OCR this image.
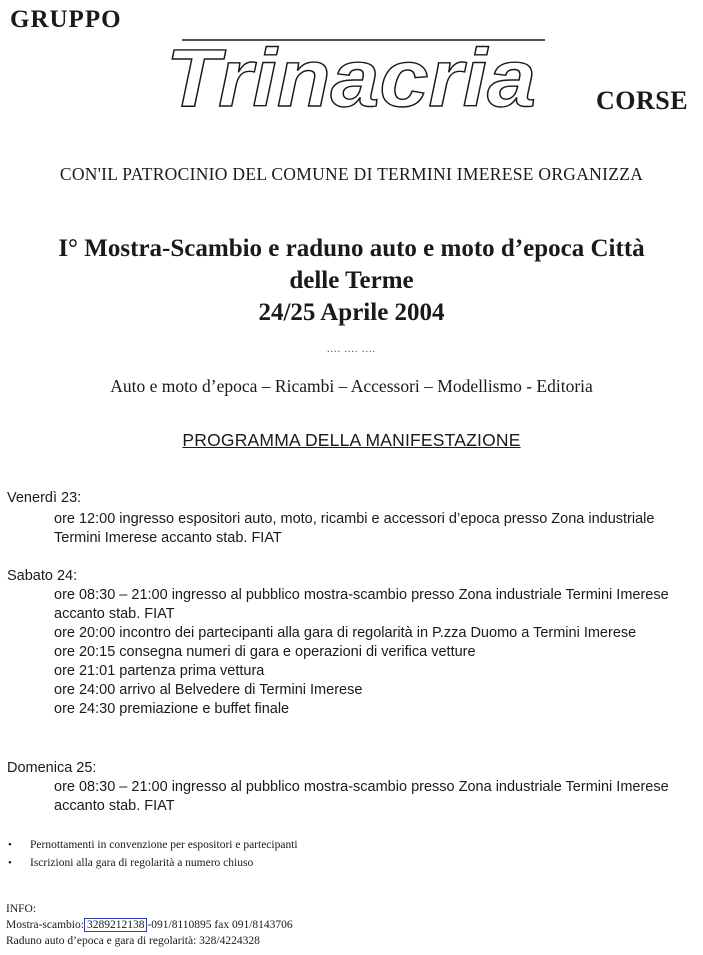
GRUPPO
Trinacria CORSE
CON'IL PATROCINIO DEL COMUNE DI TERMINI IMERESE ORGANIZZA
I° Mostra-Scambio e raduno auto e moto d’epoca Città
delle Terme
24/25 Aprile 2004
.... .... ....
Auto e moto d’epoca – Ricambi – Accessori – Modellismo - Editoria
PROGRAMMA DELLA MANIFESTAZIONE
Venerdì 23:
ore 12:00 ingresso espositori auto, moto, ricambi e accessori d’epoca presso Zona industriale Termini Imerese accanto stab. FIAT
Sabato 24:
ore 08:30 – 21:00 ingresso al pubblico mostra-scambio presso Zona industriale Termini Imerese accanto stab. FIAT
ore 20:00 incontro dei partecipanti alla gara di regolarità in P.zza Duomo a Termini Imerese
ore 20:15 consegna numeri di gara e operazioni di verifica vetture
ore 21:01 partenza prima vettura
ore 24:00 arrivo al Belvedere di Termini Imerese
ore 24:30 premiazione e buffet finale
Domenica 25:
ore 08:30 – 21:00 ingresso al pubblico mostra-scambio presso Zona industriale Termini Imerese accanto stab. FIAT
• Pernottamenti in convenzione per espositori e partecipanti
• Iscrizioni alla gara di regolarità a numero chiuso
INFO:
Mostra-scambio: 3289212138 -091/8110895 fax 091/8143706
Raduno auto d’epoca e gara di regolarità: 328/4224328
